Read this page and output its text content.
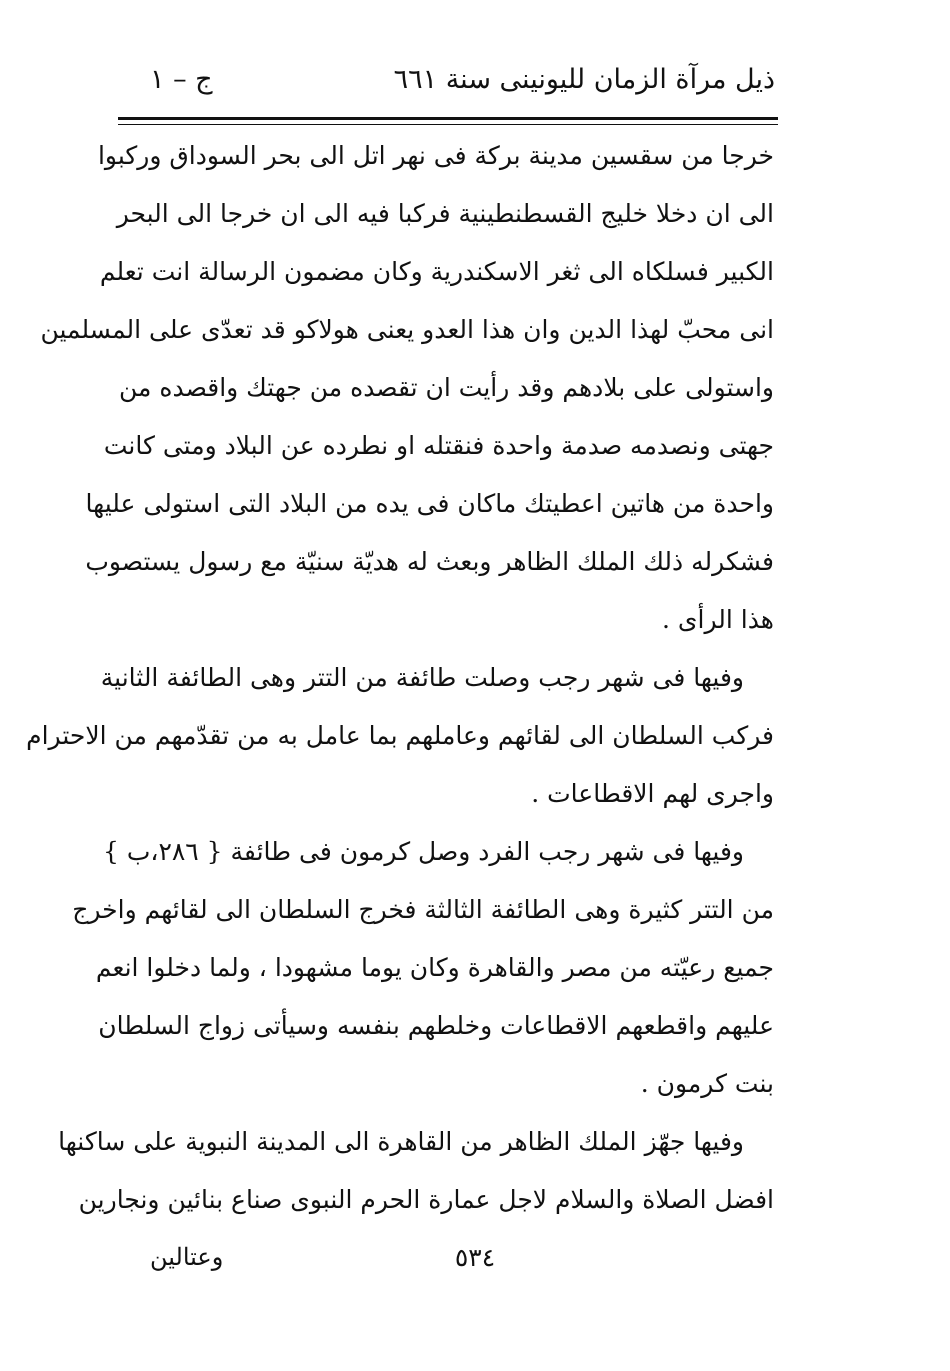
ذيل مرآة الزمان لليونينى سنة ٦٦١
ج – ١
خرجا من سقسين مدينة بركة فى نهر اتل الى بحر السوداق وركبوا
الى ان دخلا خليج القسطنطينية فركبا فيه الى ان خرجا الى البحر
الكبير فسلكاه الى ثغر الاسكندرية وكان مضمون الرسالة انت تعلم
انى محبّ لهذا الدين وان هذا العدو يعنى هولاكو قد تعدّى على المسلمين
واستولى على بلادهم وقد رأيت ان تقصده من جهتك واقصده من
جهتى ونصدمه صدمة واحدة فنقتله او نطرده عن البلاد ومتى كانت
واحدة من هاتين اعطيتك ماكان فى يده من البلاد التى استولى عليها
فشكرله ذلك الملك الظاهر وبعث له هديّة سنيّة مع رسول يستصوب
هذا الرأى .
وفيها فى شهر رجب وصلت طائفة من التتر وهى الطائفة الثانية
فركب السلطان الى لقائهم وعاملهم بما عامل به من تقدّمهم من الاحترام
واجرى لهم الاقطاعات .
وفيها فى شهر رجب الفرد وصل كرمون فى طائفة { ٢٨٦،ب }
من التتر كثيرة وهى الطائفة الثالثة فخرج السلطان الى لقائهم واخرج
جميع رعيّته من مصر والقاهرة وكان يوما مشهودا ، ولما دخلوا انعم
عليهم واقطعهم الاقطاعات وخلطهم بنفسه وسيأتى زواج السلطان
بنت كرمون .
وفيها جهّز الملك الظاهر من القاهرة الى المدينة النبوية على ساكنها
افضل الصلاة والسلام لاجل عمارة الحرم النبوى صناع بنائين ونجارين
وعتالين	٥٣٤
